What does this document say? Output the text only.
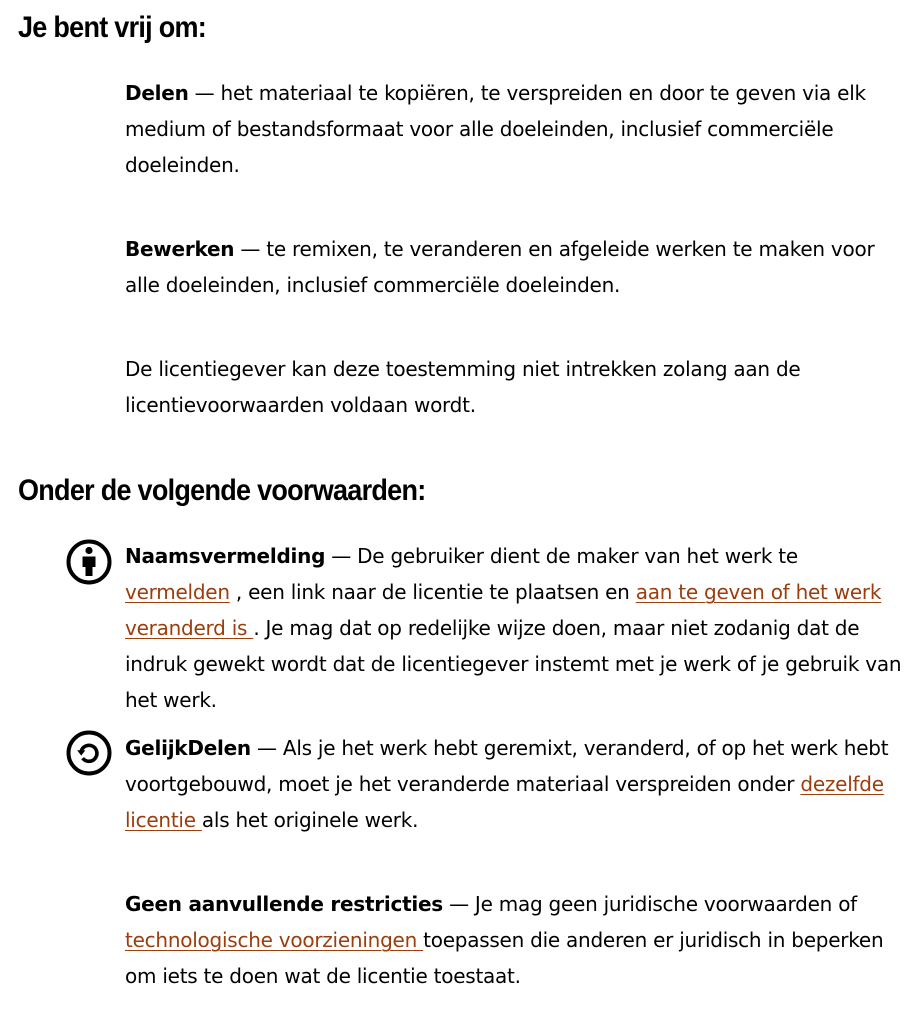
Je bent vrij om:

Delen — het materiaal te kopiëren, te verspreiden en door te geven via elk medium of bestandsformaat voor alle doeleinden, inclusief commerciële doeleinden.

Bewerken — te remixen, te veranderen en afgeleide werken te maken voor alle doeleinden, inclusief commerciële doeleinden.

De licentiegever kan deze toestemming niet intrekken zolang aan de licentievoorwaarden voldaan wordt.

Onder de volgende voorwaarden:

Naamsvermelding — De gebruiker dient de maker van het werk te vermelden , een link naar de licentie te plaatsen en aan te geven of het werk veranderd is . Je mag dat op redelijke wijze doen, maar niet zodanig dat de indruk gewekt wordt dat de licentiegever instemt met je werk of je gebruik van het werk.

GelijkDelen — Als je het werk hebt geremixt, veranderd, of op het werk hebt voortgebouwd, moet je het veranderde materiaal verspreiden onder dezelfde licentie als het originele werk.

Geen aanvullende restricties — Je mag geen juridische voorwaarden of technologische voorzieningen toepassen die anderen er juridisch in beperken om iets te doen wat de licentie toestaat.
